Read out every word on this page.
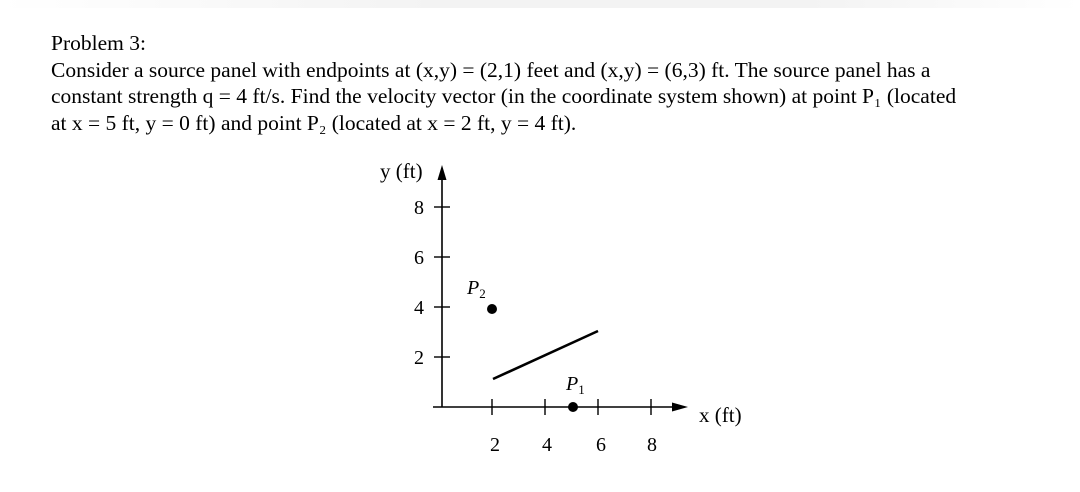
Problem 3:

Consider a source panel with endpoints at (x,y) = (2,1) feet and (x,y) = (6,3) ft. The source panel has a

constant strength q = 4 ft/s. Find the velocity vector (in the coordinate system shown) at point P₁ (located

at x = 5 ft, y = 0 ft) and point P₂ (located at x = 2 ft, y = 4 ft).

y (ft)
x (ft)
8
6
4
2
2 4 6 8
$P_1$
$P_2$
